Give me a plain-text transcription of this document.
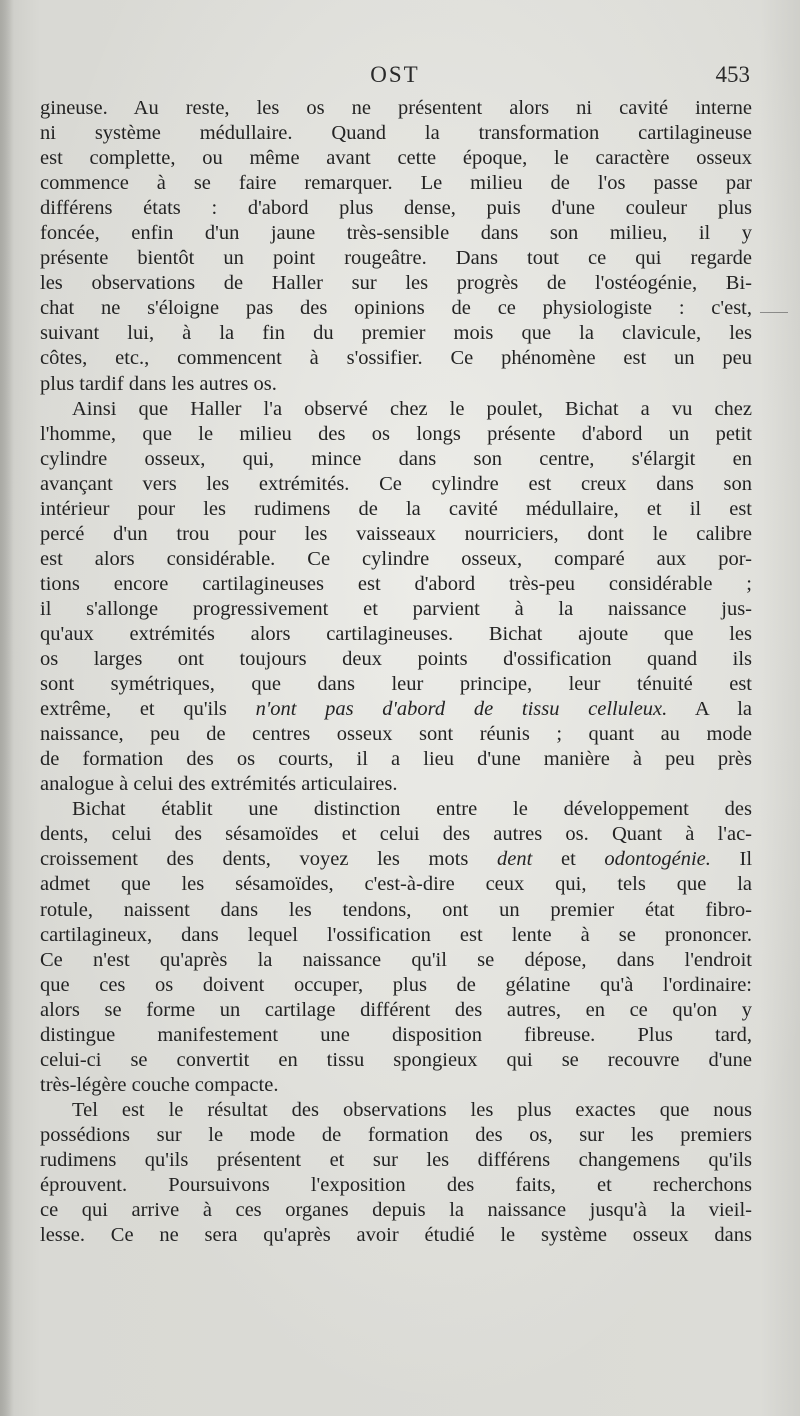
OST	453
gineuse. Au reste, les os ne présentent alors ni cavité interne
ni système médullaire. Quand la transformation cartilagineuse
est complette, ou même avant cette époque, le caractère osseux
commence à se faire remarquer. Le milieu de l'os passe par
différens états : d'abord plus dense, puis d'une couleur plus
foncée, enfin d'un jaune très-sensible dans son milieu, il y
présente bientôt un point rougeâtre. Dans tout ce qui regarde
les observations de Haller sur les progrès de l'ostéogénie, Bi-
chat ne s'éloigne pas des opinions de ce physiologiste : c'est,
suivant lui, à la fin du premier mois que la clavicule, les
côtes, etc., commencent à s'ossifier. Ce phénomène est un peu
plus tardif dans les autres os.
Ainsi que Haller l'a observé chez le poulet, Bichat a vu chez
l'homme, que le milieu des os longs présente d'abord un petit
cylindre osseux, qui, mince dans son centre, s'élargit en
avançant vers les extrémités. Ce cylindre est creux dans son
intérieur pour les rudimens de la cavité médullaire, et il est
percé d'un trou pour les vaisseaux nourriciers, dont le calibre
est alors considérable. Ce cylindre osseux, comparé aux por-
tions encore cartilagineuses est d'abord très-peu considérable ;
il s'allonge progressivement et parvient à la naissance jus-
qu'aux extrémités alors cartilagineuses. Bichat ajoute que les
os larges ont toujours deux points d'ossification quand ils
sont symétriques, que dans leur principe, leur ténuité est
extrême, et qu'ils n'ont pas d'abord de tissu celluleux. A la
naissance, peu de centres osseux sont réunis ; quant au mode
de formation des os courts, il a lieu d'une manière à peu près
analogue à celui des extrémités articulaires.
Bichat établit une distinction entre le développement des
dents, celui des sésamoïdes et celui des autres os. Quant à l'ac-
croissement des dents, voyez les mots dent et odontogénie. Il
admet que les sésamoïdes, c'est-à-dire ceux qui, tels que la
rotule, naissent dans les tendons, ont un premier état fibro-
cartilagineux, dans lequel l'ossification est lente à se prononcer.
Ce n'est qu'après la naissance qu'il se dépose, dans l'endroit
que ces os doivent occuper, plus de gélatine qu'à l'ordinaire:
alors se forme un cartilage différent des autres, en ce qu'on y
distingue manifestement une disposition fibreuse. Plus tard,
celui-ci se convertit en tissu spongieux qui se recouvre d'une
très-légère couche compacte.
Tel est le résultat des observations les plus exactes que nous
possédions sur le mode de formation des os, sur les premiers
rudimens qu'ils présentent et sur les différens changemens qu'ils
éprouvent. Poursuivons l'exposition des faits, et recherchons
ce qui arrive à ces organes depuis la naissance jusqu'à la vieil-
lesse. Ce ne sera qu'après avoir étudié le système osseux dans
